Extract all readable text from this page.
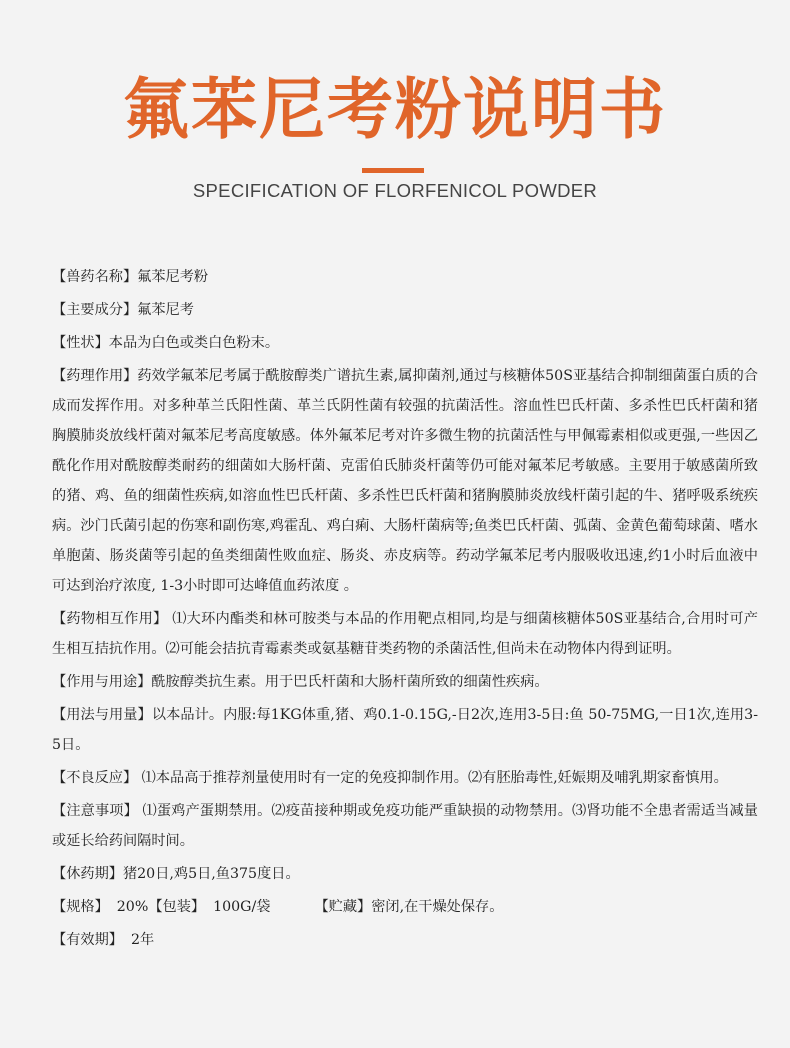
氟苯尼考粉说明书
SPECIFICATION OF FLORFENICOL POWDER

【兽药名称】氟苯尼考粉

【主要成分】氟苯尼考

【性状】本品为白色或类白色粉末。

【药理作用】药效学氟苯尼考属于酰胺醇类广谱抗生素,属抑菌剂,通过与核糖体50S亚基结合抑制细菌蛋白质的合成而发挥作用。对多种革兰氏阳性菌、革兰氏阴性菌有较强的抗菌活性。溶血性巴氏杆菌、多杀性巴氏杆菌和猪胸膜肺炎放线杆菌对氟苯尼考高度敏感。体外氟苯尼考对许多微生物的抗菌活性与甲佩霉素相似或更强,一些因乙酰化作用对酰胺醇类耐药的细菌如大肠杆菌、克雷伯氏肺炎杆菌等仍可能对氟苯尼考敏感。主要用于敏感菌所致的猪、鸡、鱼的细菌性疾病,如溶血性巴氏杆菌、多杀性巴氏杆菌和猪胸膜肺炎放线杆菌引起的牛、猪呼吸系统疾病。沙门氏菌引起的伤寒和副伤寒,鸡霍乱、鸡白痢、大肠杆菌病等;鱼类巴氏杆菌、弧菌、金黄色葡萄球菌、嗜水单胞菌、肠炎菌等引起的鱼类细菌性败血症、肠炎、赤皮病等。药动学氟苯尼考内服吸收迅速,约1小时后血液中可达到治疗浓度, 1-3小时即可达峰值血药浓度 。

【药物相互作用】 ⑴大环内酯类和林可胺类与本品的作用靶点相同,均是与细菌核糖体50S亚基结合,合用时可产生相互拮抗作用。⑵可能会拮抗青霉素类或氨基糖苷类药物的杀菌活性,但尚未在动物体内得到证明。

【作用与用途】酰胺醇类抗生素。用于巴氏杆菌和大肠杆菌所致的细菌性疾病。

【用法与用量】以本品计。内服:每1KG体重,猪、鸡0.1-0.15G,-日2次,连用3-5日:鱼 50-75MG,一日1次,连用3-5日。

【不良反应】 ⑴本品高于推荐剂量使用时有一定的免疫抑制作用。⑵有胚胎毒性,妊娠期及哺乳期家畜慎用。

【注意事项】 ⑴蛋鸡产蛋期禁用。⑵疫苗接种期或免疫功能严重缺损的动物禁用。⑶肾功能不全患者需适当减量或延长给药间隔时间。

【休药期】猪20日,鸡5日,鱼375度日。

【规格】 20%【包装】 100G/袋	【贮藏】密闭,在干燥处保存。

【有效期】 2年
